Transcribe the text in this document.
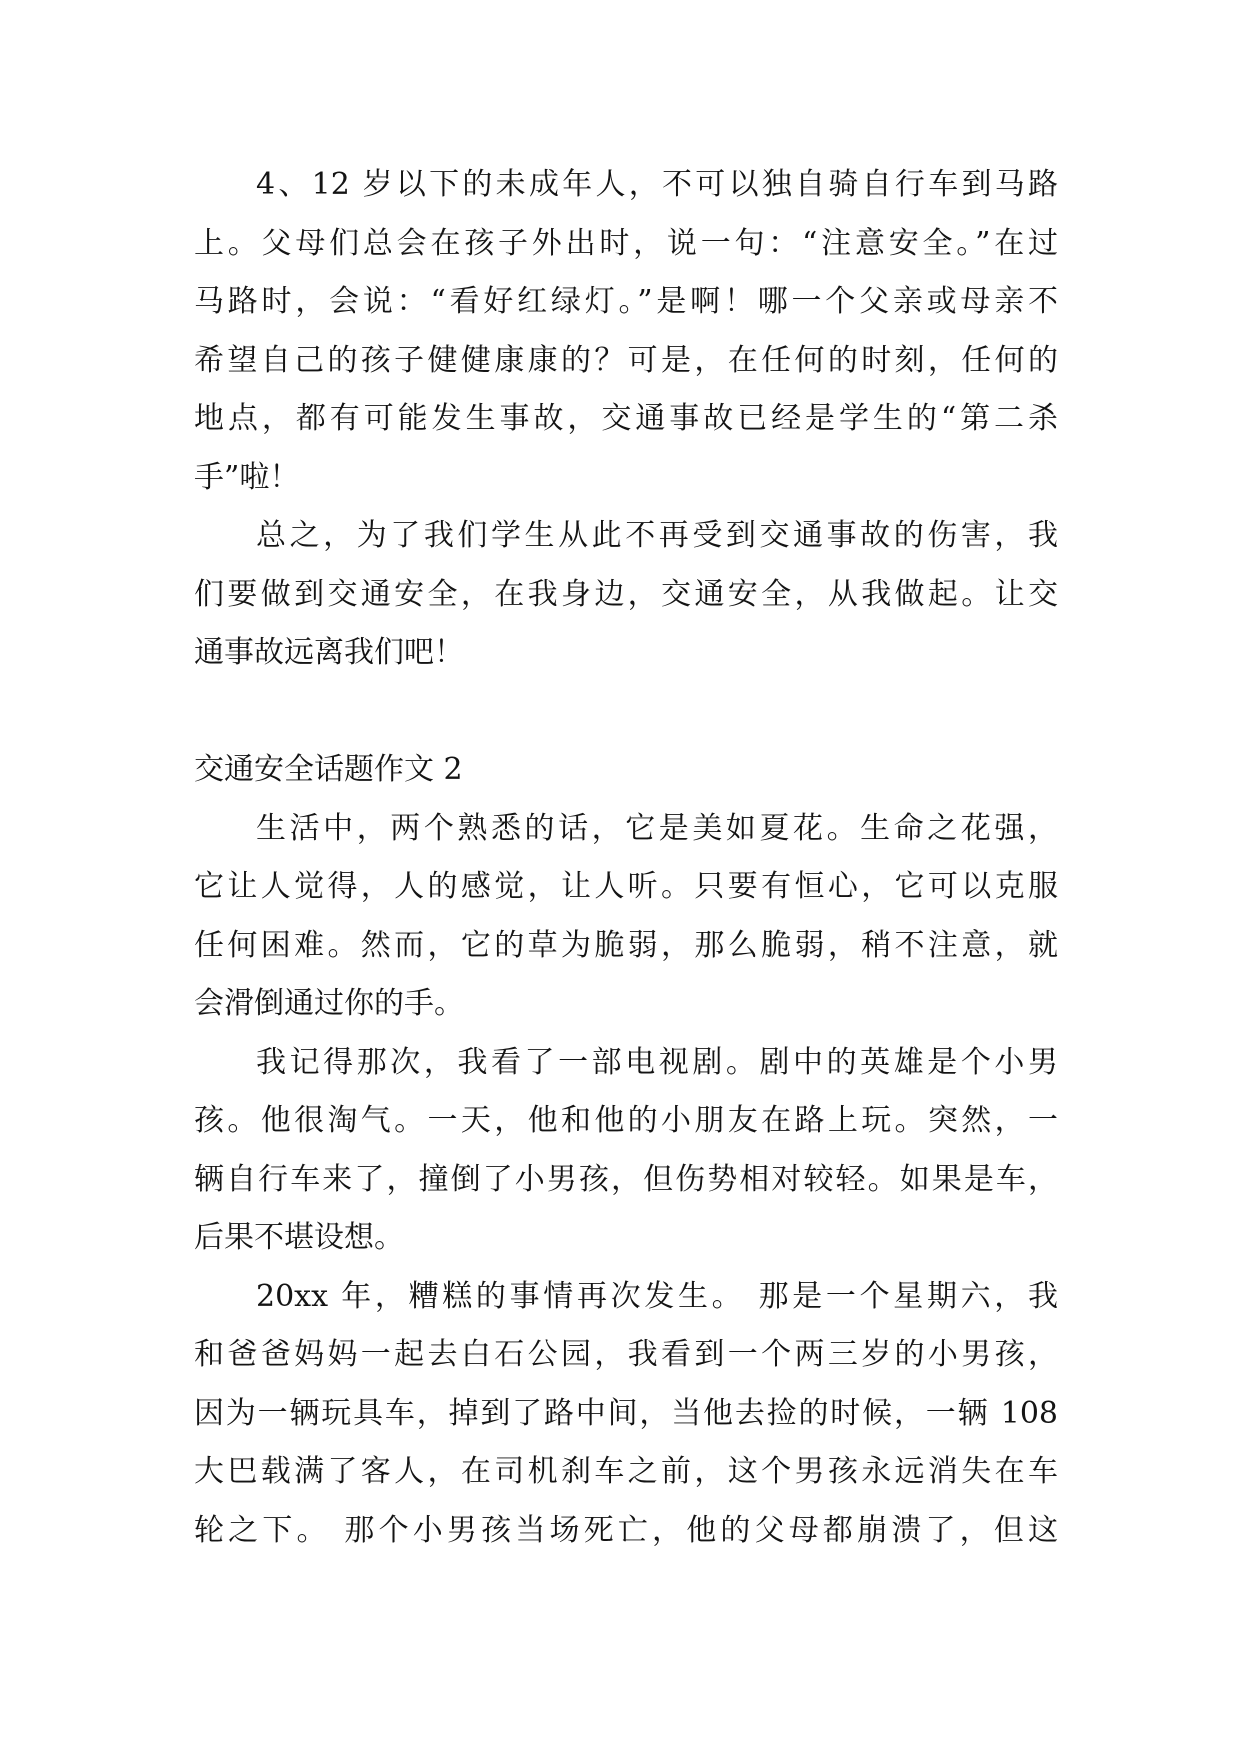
4、12 岁以下的未成年人，不可以独自骑自行车到马路
上。父母们总会在孩子外出时，说一句：“注意安全。”在过
马路时，会说：“看好红绿灯。”是啊！哪一个父亲或母亲不
希望自己的孩子健健康康的？可是，在任何的时刻，任何的
地点，都有可能发生事故，交通事故已经是学生的“第二杀
手”啦！
总之，为了我们学生从此不再受到交通事故的伤害，我
们要做到交通安全，在我身边，交通安全，从我做起。让交
通事故远离我们吧！
交通安全话题作文 2
生活中，两个熟悉的话，它是美如夏花。生命之花强，
它让人觉得，人的感觉，让人听。只要有恒心，它可以克服
任何困难。然而，它的草为脆弱，那么脆弱，稍不注意，就
会滑倒通过你的手。
我记得那次，我看了一部电视剧。剧中的英雄是个小男
孩。他很淘气。一天，他和他的小朋友在路上玩。突然，一
辆自行车来了，撞倒了小男孩，但伤势相对较轻。如果是车，
后果不堪设想。
20xx 年，糟糕的事情再次发生。 那是一个星期六，我
和爸爸妈妈一起去白石公园，我看到一个两三岁的小男孩，
因为一辆玩具车，掉到了路中间，当他去捡的时候，一辆 108
大巴载满了客人，在司机刹车之前，这个男孩永远消失在车
轮之下。 那个小男孩当场死亡，他的父母都崩溃了，但这
